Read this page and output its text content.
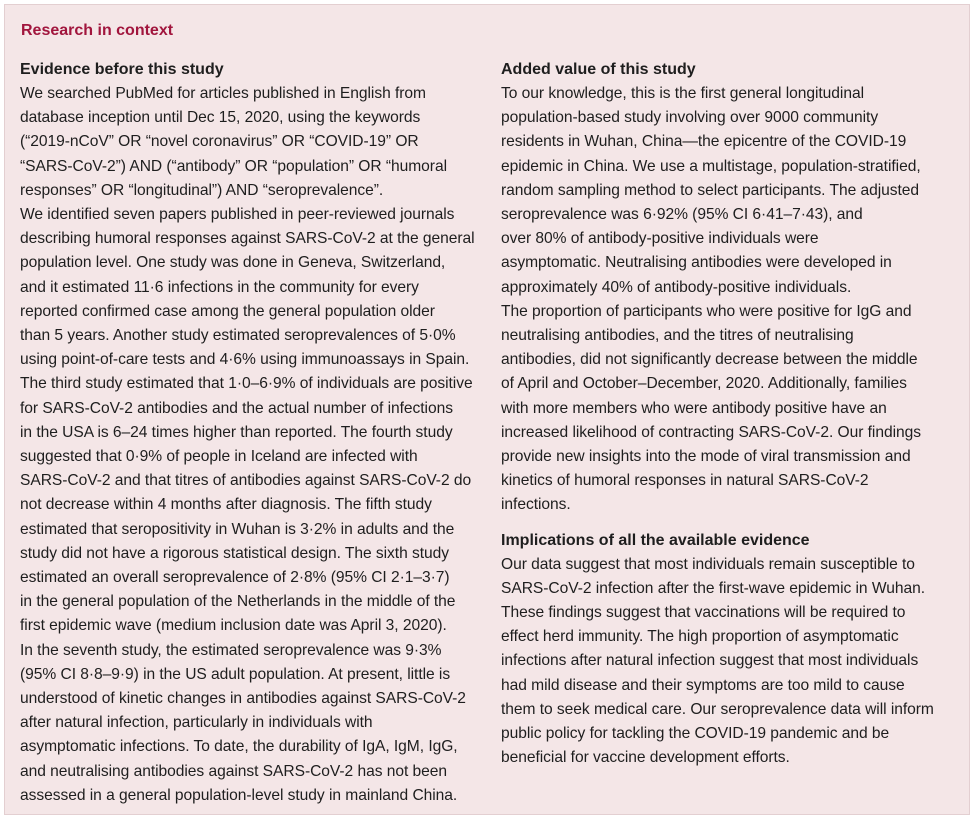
Research in context
Evidence before this study
We searched PubMed for articles published in English from
database inception until Dec 15, 2020, using the keywords
(“2019-nCoV” OR “novel coronavirus” OR “COVID-19” OR
“SARS-CoV-2”) AND (“antibody” OR “population” OR “humoral
responses” OR “longitudinal”) AND “seroprevalence”.
We identified seven papers published in peer-reviewed journals
describing humoral responses against SARS-CoV-2 at the general
population level. One study was done in Geneva, Switzerland,
and it estimated 11·6 infections in the community for every
reported confirmed case among the general population older
than 5 years. Another study estimated seroprevalences of 5·0%
using point-of-care tests and 4·6% using immunoassays in Spain.
The third study estimated that 1·0–6·9% of individuals are positive
for SARS-CoV-2 antibodies and the actual number of infections
in the USA is 6–24 times higher than reported. The fourth study
suggested that 0·9% of people in Iceland are infected with
SARS-CoV-2 and that titres of antibodies against SARS-CoV-2 do
not decrease within 4 months after diagnosis. The fifth study
estimated that seropositivity in Wuhan is 3·2% in adults and the
study did not have a rigorous statistical design. The sixth study
estimated an overall seroprevalence of 2·8% (95% CI 2·1–3·7)
in the general population of the Netherlands in the middle of the
first epidemic wave (medium inclusion date was April 3, 2020).
In the seventh study, the estimated seroprevalence was 9·3%
(95% CI 8·8–9·9) in the US adult population. At present, little is
understood of kinetic changes in antibodies against SARS-CoV-2
after natural infection, particularly in individuals with
asymptomatic infections. To date, the durability of IgA, IgM, IgG,
and neutralising antibodies against SARS-CoV-2 has not been
assessed in a general population-level study in mainland China.
Added value of this study
To our knowledge, this is the first general longitudinal
population-based study involving over 9000 community
residents in Wuhan, China—the epicentre of the COVID-19
epidemic in China. We use a multistage, population-stratified,
random sampling method to select participants. The adjusted
seroprevalence was 6·92% (95% CI 6·41–7·43), and
over 80% of antibody-positive individuals were
asymptomatic. Neutralising antibodies were developed in
approximately 40% of antibody-positive individuals.
The proportion of participants who were positive for IgG and
neutralising antibodies, and the titres of neutralising
antibodies, did not significantly decrease between the middle
of April and October–December, 2020. Additionally, families
with more members who were antibody positive have an
increased likelihood of contracting SARS-CoV-2. Our findings
provide new insights into the mode of viral transmission and
kinetics of humoral responses in natural SARS-CoV-2
infections.
Implications of all the available evidence
Our data suggest that most individuals remain susceptible to
SARS-CoV-2 infection after the first-wave epidemic in Wuhan.
These findings suggest that vaccinations will be required to
effect herd immunity. The high proportion of asymptomatic
infections after natural infection suggest that most individuals
had mild disease and their symptoms are too mild to cause
them to seek medical care. Our seroprevalence data will inform
public policy for tackling the COVID-19 pandemic and be
beneficial for vaccine development efforts.
